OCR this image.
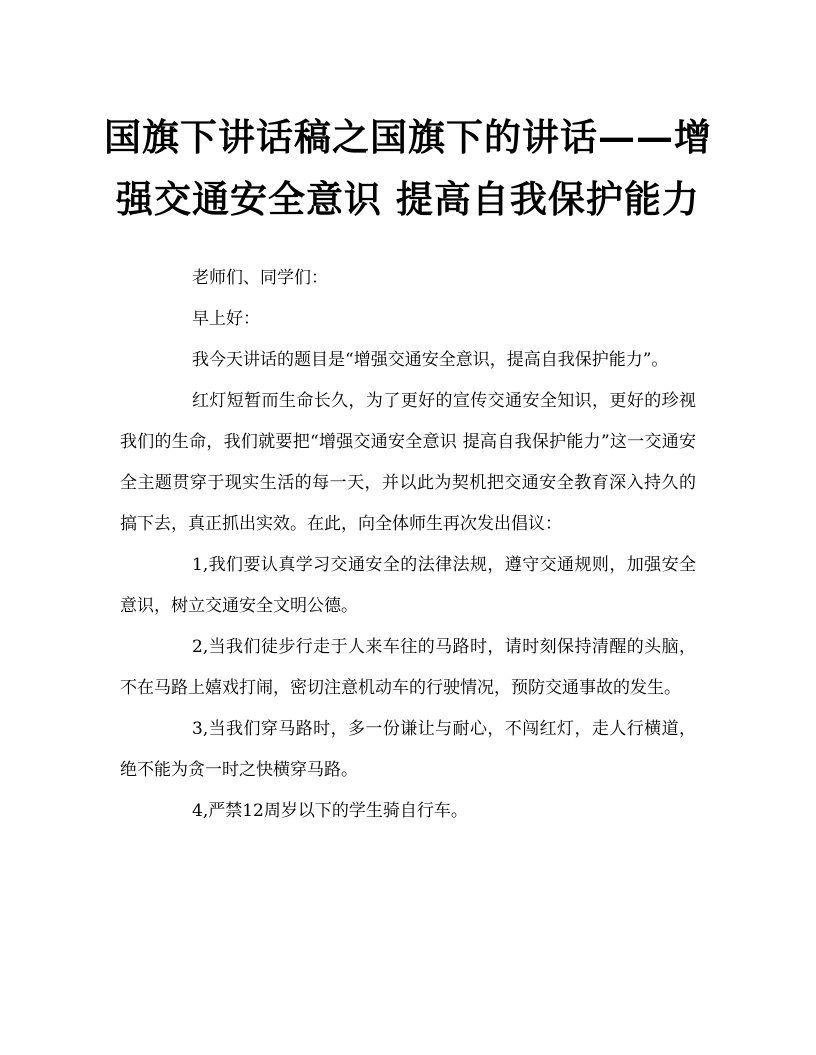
国旗下讲话稿之国旗下的讲话——增
强交通安全意识 提高自我保护能力

老师们、同学们：

早上好：

我今天讲话的题目是“增强交通安全意识，提高自我保护能力”。

红灯短暂而生命长久，为了更好的宣传交通安全知识，更好的珍视我们的生命，我们就要把“增强交通安全意识 提高自我保护能力”这一交通安全主题贯穿于现实生活的每一天，并以此为契机把交通安全教育深入持久的搞下去，真正抓出实效。在此，向全体师生再次发出倡议：

1,我们要认真学习交通安全的法律法规，遵守交通规则，加强安全意识，树立交通安全文明公德。

2,当我们徒步行走于人来车往的马路时，请时刻保持清醒的头脑，不在马路上嬉戏打闹，密切注意机动车的行驶情况，预防交通事故的发生。

3,当我们穿马路时，多一份谦让与耐心，不闯红灯，走人行横道，绝不能为贪一时之快横穿马路。

4,严禁12周岁以下的学生骑自行车。
